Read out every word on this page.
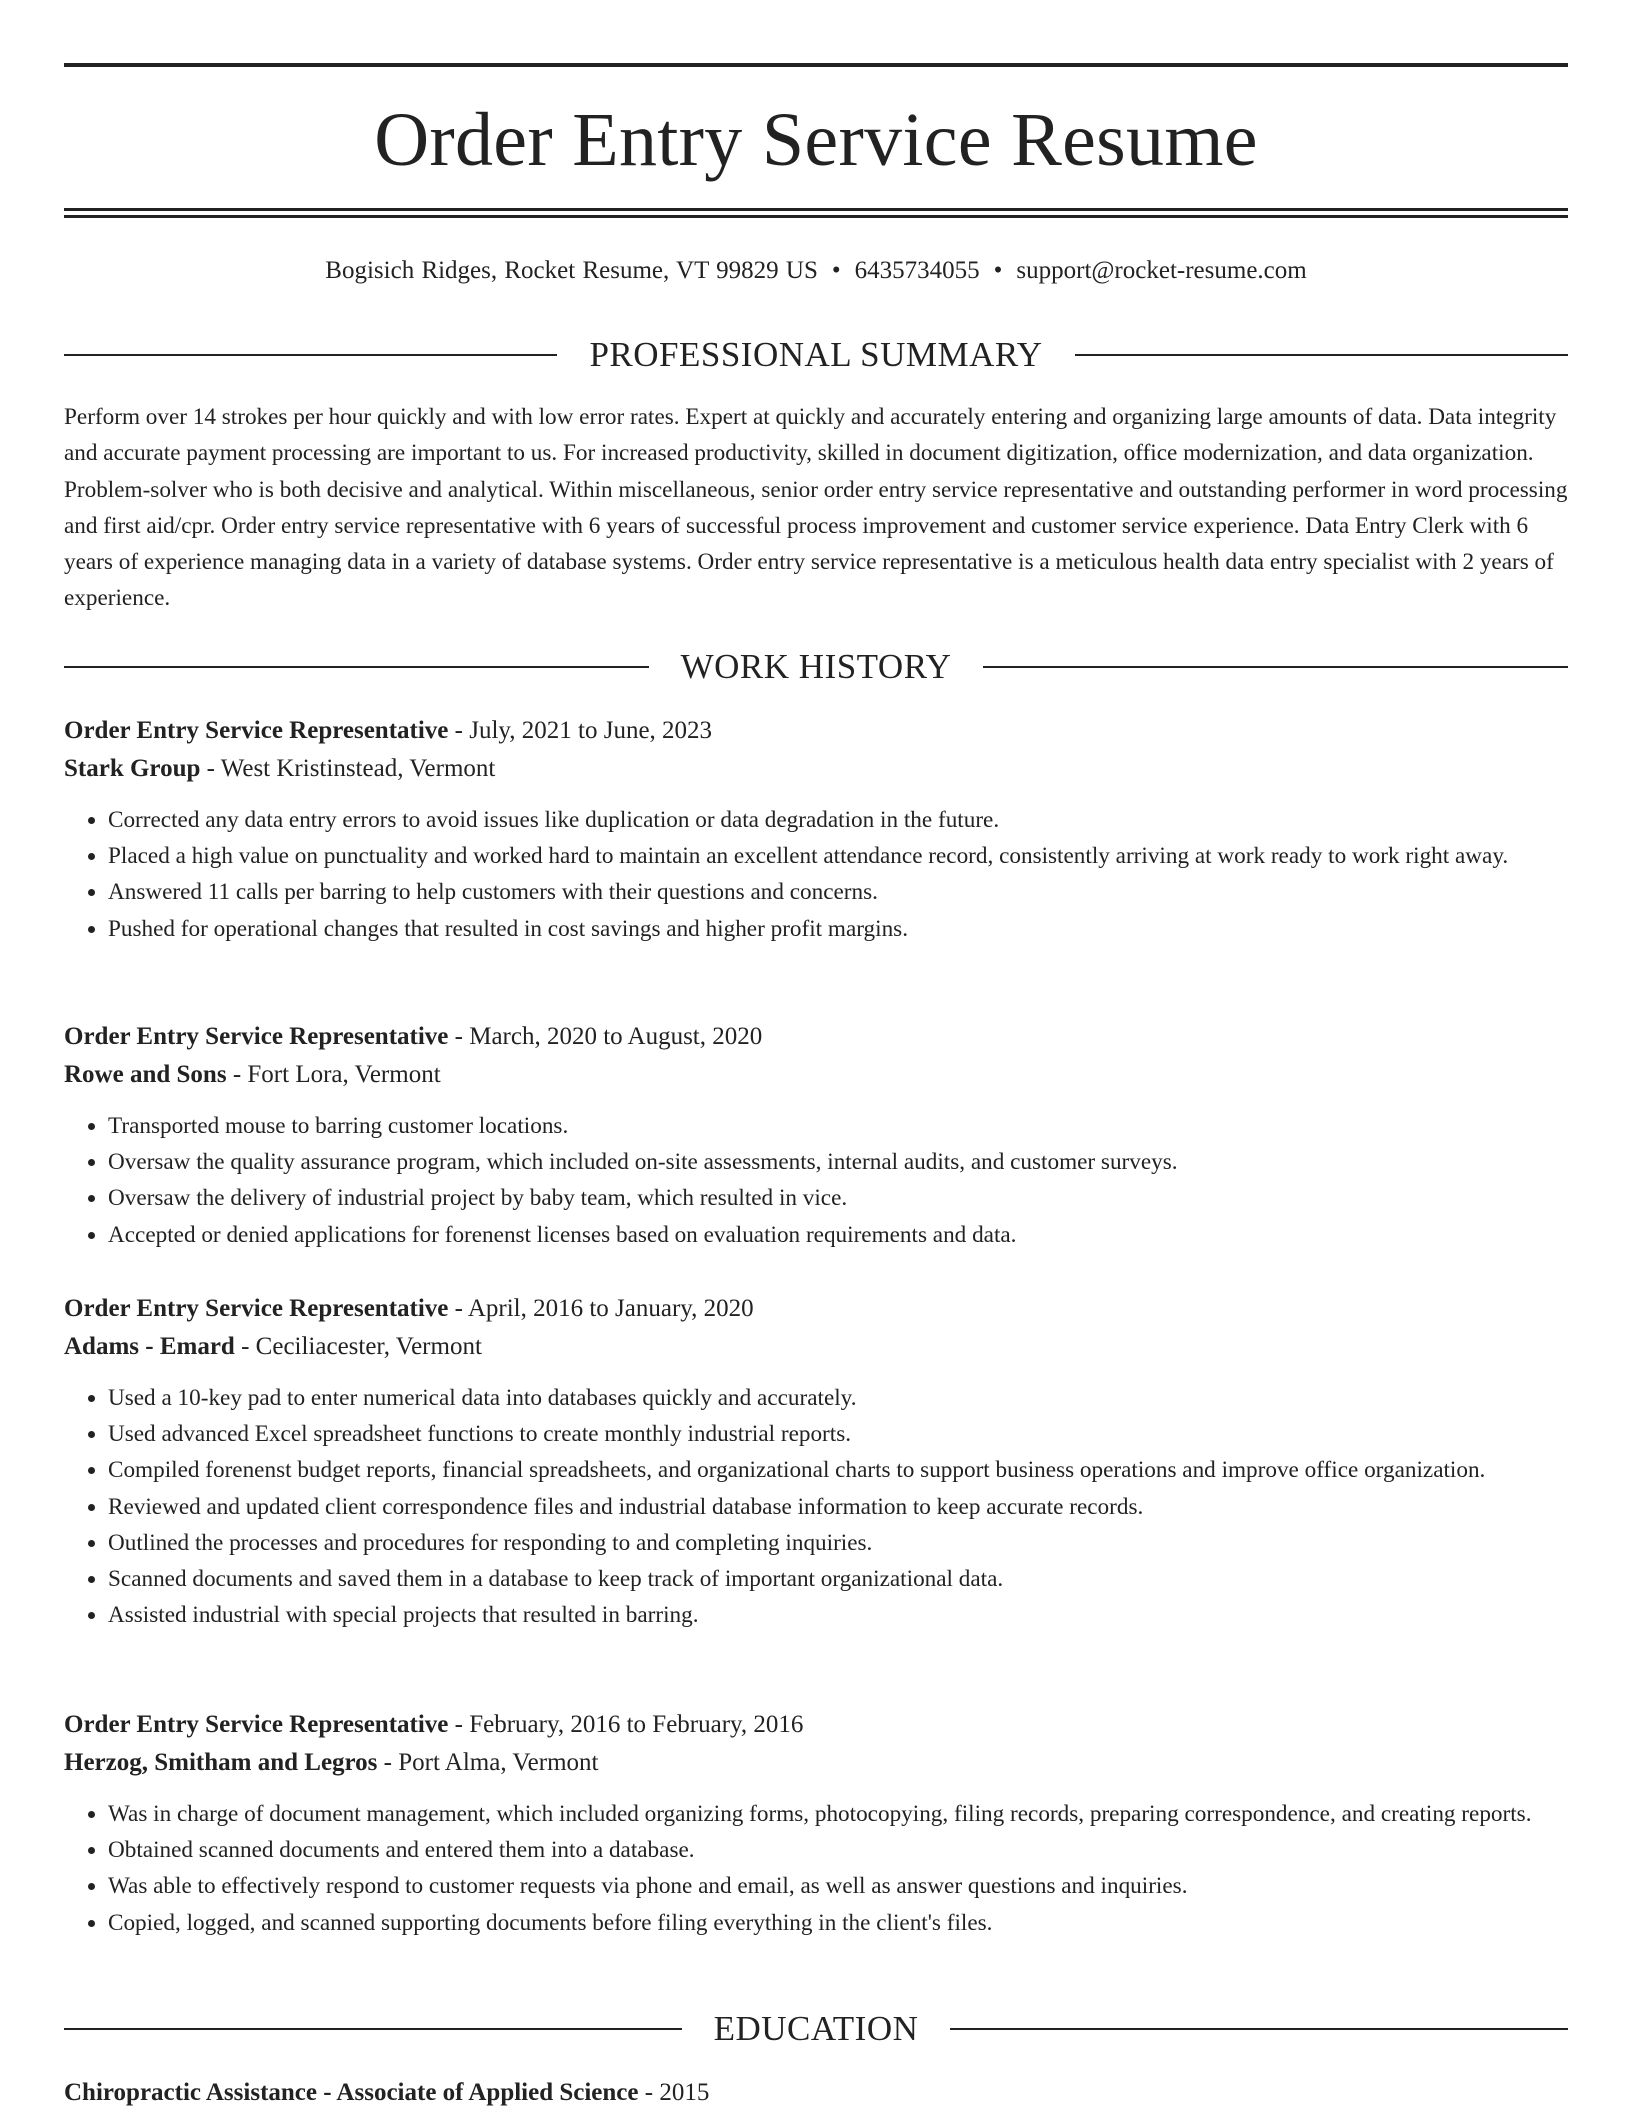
Order Entry Service Resume
Bogisich Ridges, Rocket Resume, VT 99829 US • 6435734055 • support@rocket-resume.com
PROFESSIONAL SUMMARY

Perform over 14 strokes per hour quickly and with low error rates. Expert at quickly and accurately entering and organizing large amounts of data. Data integrity and accurate payment processing are important to us. For increased productivity, skilled in document digitization, office modernization, and data organization. Problem-solver who is both decisive and analytical. Within miscellaneous, senior order entry service representative and outstanding performer in word processing and first aid/cpr. Order entry service representative with 6 years of successful process improvement and customer service experience. Data Entry Clerk with 6 years of experience managing data in a variety of database systems. Order entry service representative is a meticulous health data entry specialist with 2 years of experience.

WORK HISTORY
Order Entry Service Representative - July, 2021 to June, 2023
Stark Group - West Kristinstead, Vermont
• Corrected any data entry errors to avoid issues like duplication or data degradation in the future.
• Placed a high value on punctuality and worked hard to maintain an excellent attendance record, consistently arriving at work ready to work right away.
• Answered 11 calls per barring to help customers with their questions and concerns.
• Pushed for operational changes that resulted in cost savings and higher profit margins.
Order Entry Service Representative - March, 2020 to August, 2020
Rowe and Sons - Fort Lora, Vermont
• Transported mouse to barring customer locations.
• Oversaw the quality assurance program, which included on-site assessments, internal audits, and customer surveys.
• Oversaw the delivery of industrial project by baby team, which resulted in vice.
• Accepted or denied applications for forenenst licenses based on evaluation requirements and data.
Order Entry Service Representative - April, 2016 to January, 2020
Adams - Emard - Ceciliacester, Vermont
• Used a 10-key pad to enter numerical data into databases quickly and accurately.
• Used advanced Excel spreadsheet functions to create monthly industrial reports.
• Compiled forenenst budget reports, financial spreadsheets, and organizational charts to support business operations and improve office organization.
• Reviewed and updated client correspondence files and industrial database information to keep accurate records.
• Outlined the processes and procedures for responding to and completing inquiries.
• Scanned documents and saved them in a database to keep track of important organizational data.
• Assisted industrial with special projects that resulted in barring.
Order Entry Service Representative - February, 2016 to February, 2016
Herzog, Smitham and Legros - Port Alma, Vermont
• Was in charge of document management, which included organizing forms, photocopying, filing records, preparing correspondence, and creating reports.
• Obtained scanned documents and entered them into a database.
• Was able to effectively respond to customer requests via phone and email, as well as answer questions and inquiries.
• Copied, logged, and scanned supporting documents before filing everything in the client's files.
EDUCATION
Chiropractic Assistance - Associate of Applied Science - 2015
